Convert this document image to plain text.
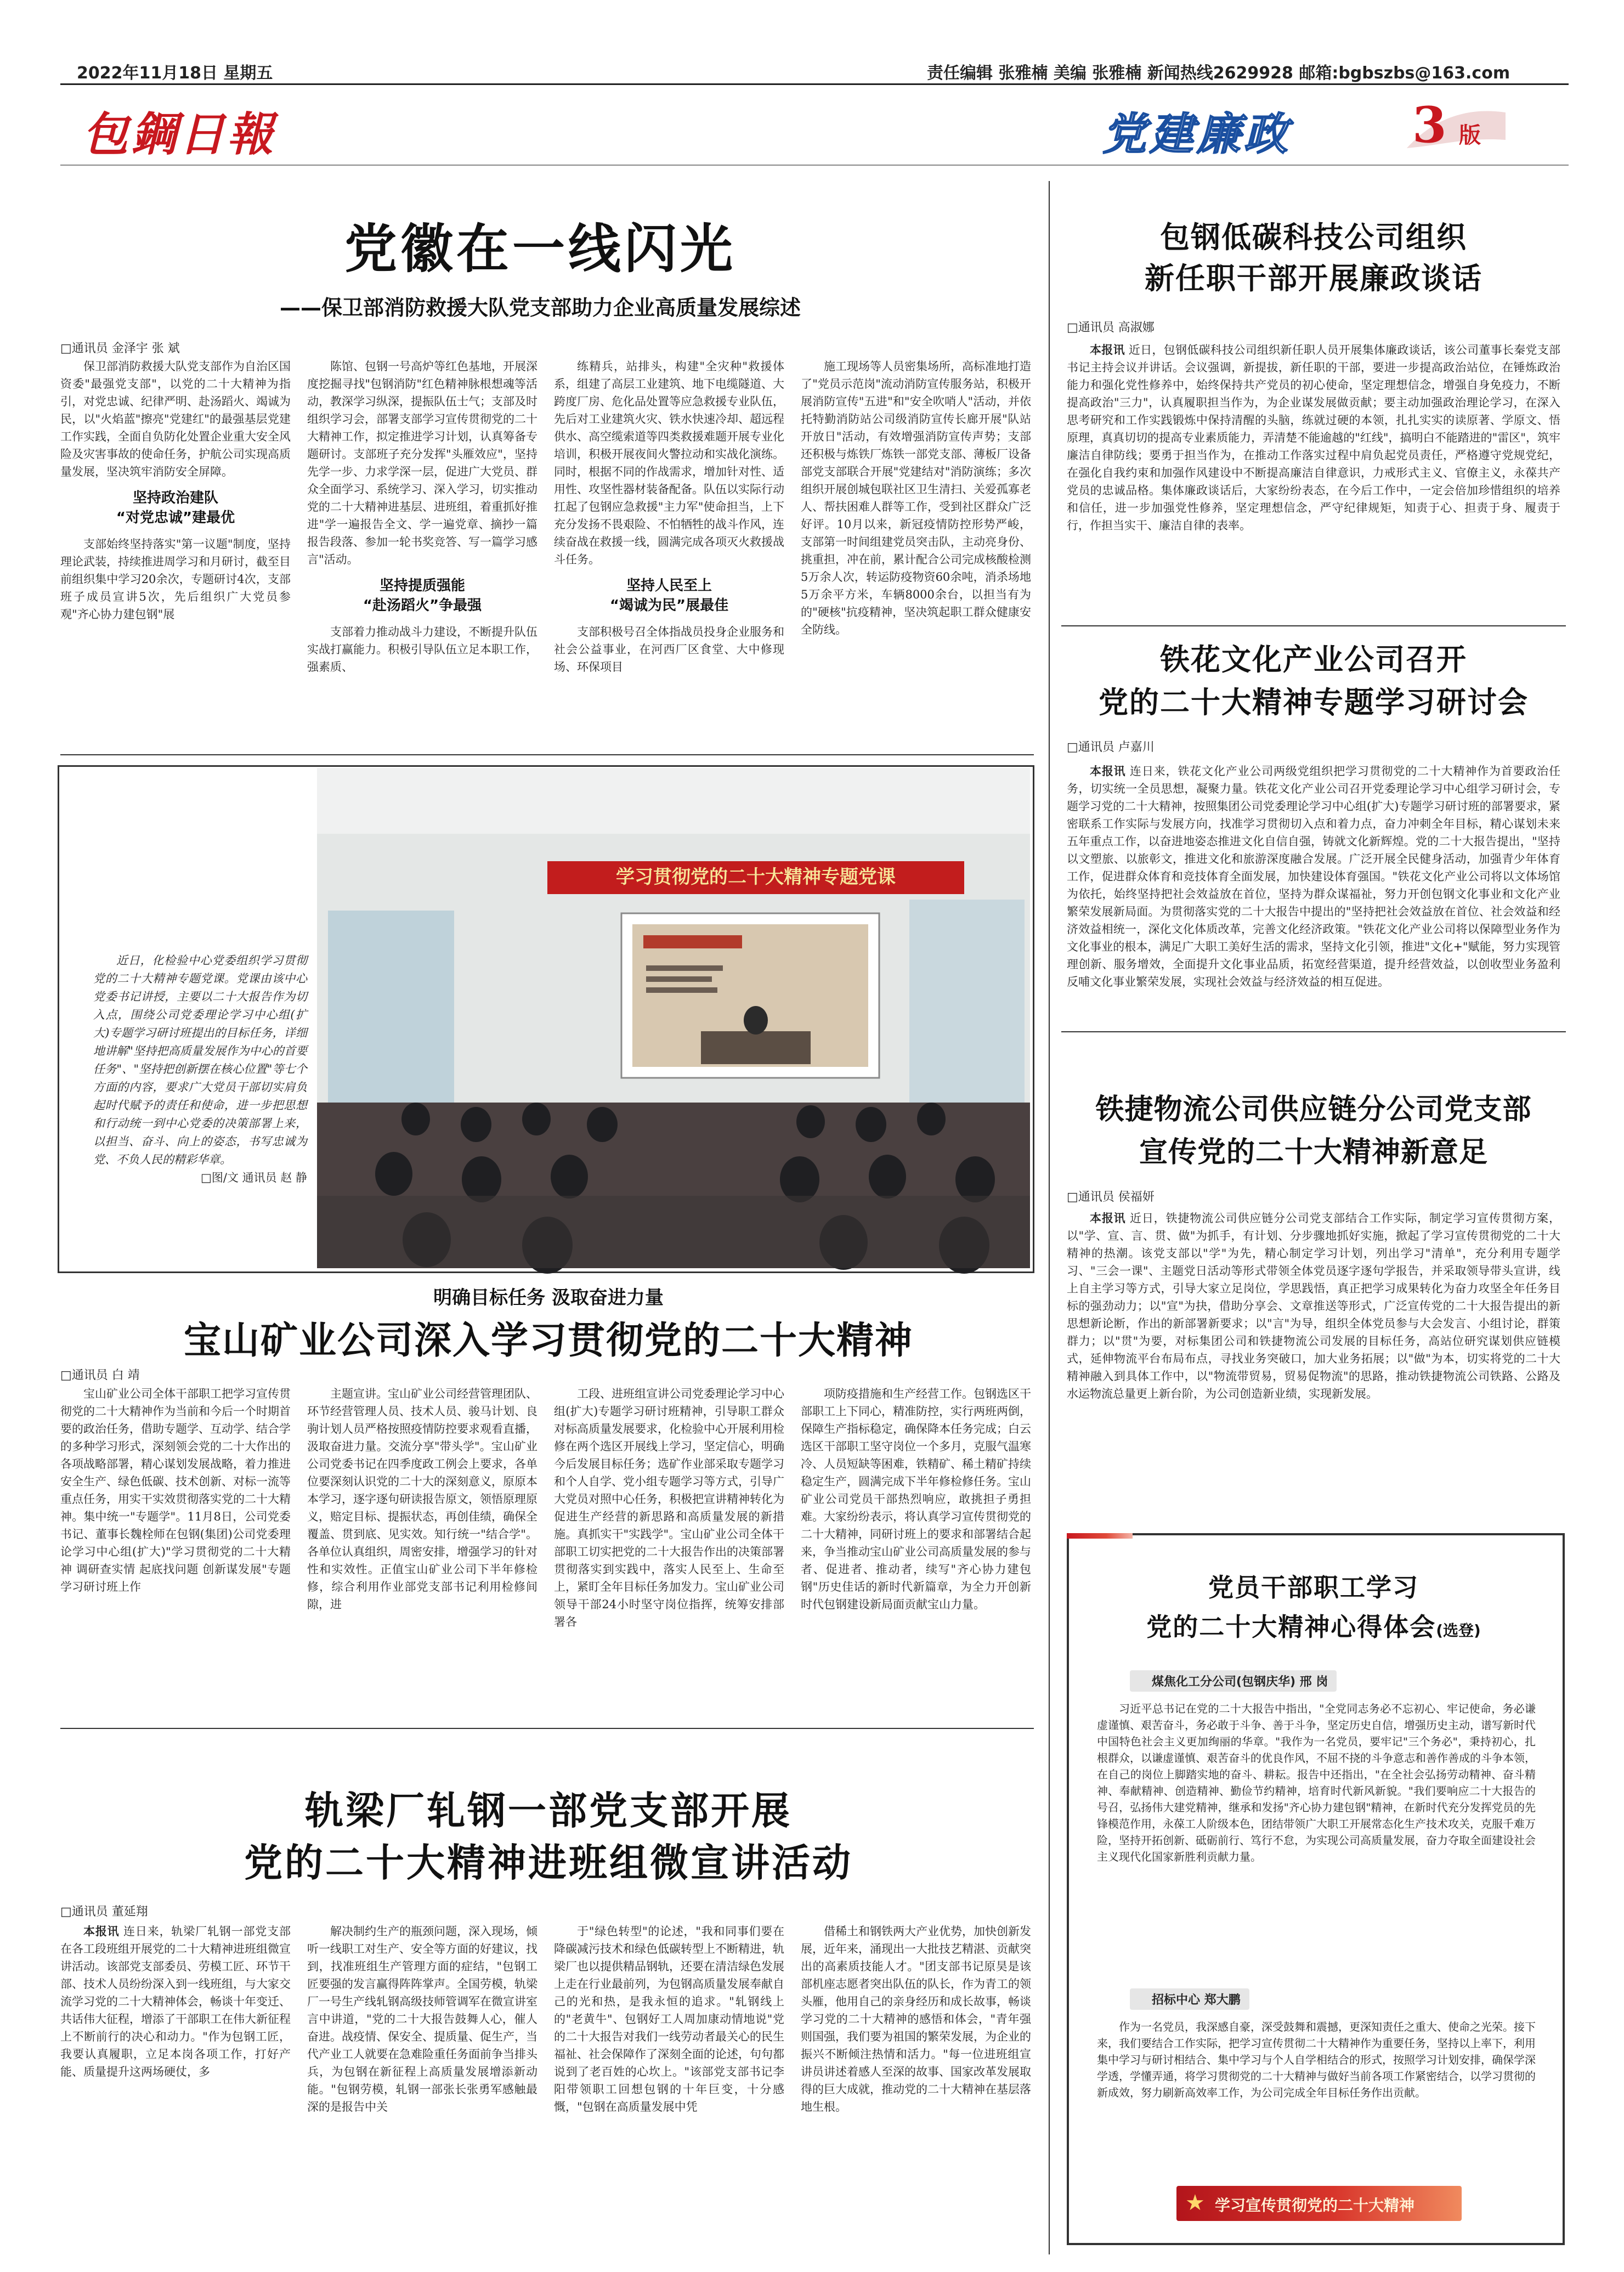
2022年11月18日 星期五	责任编辑 张雅楠 美编 张雅楠 新闻热线2629928 邮箱:bgbszbs@163.com
包鋼日報	党建廉政 3 版
党徽在一线闪光
——保卫部消防救援大队党支部助力企业高质量发展综述
□通讯员 金泽宇 张 斌

保卫部消防救援大队党支部作为自治区国资委"最强党支部"，以党的二十大精神为指引，对党忠诚、纪律严明、赴汤蹈火、竭诚为民，以"火焰蓝"擦亮"党建红"的最强基层党建工作实践，全面自负防化处置企业重大安全风险及灾害事故的使命任务，护航公司实现高质量发展，坚决筑牢消防安全屏障。

坚持政治建队
“对党忠诚”建最优

支部始终坚持落实"第一议题"制度，坚持理论武装，持续推进周学习和月研讨，截至目前组织集中学习20余次，专题研讨4次，支部班子成员宣讲5次，先后组织广大党员参观"齐心协力建包钢"展

陈馆、包钢一号高炉等红色基地，开展深度挖掘寻找"包钢消防"红色精神脉根想魂等活动，教深学习纵深，提振队伍士气；支部及时组织学习会，部署支部学习宣传贯彻党的二十大精神工作，拟定推进学习计划，认真筹备专题研讨。支部班子充分发挥"头雁效应"，坚持先学一步、力求学深一层，促进广大党员、群众全面学习、系统学习、深入学习，切实推动党的二十大精神进基层、进班组，着重抓好推进"学一遍报告全文、学一遍党章、摘抄一篇报告段落、参加一轮书奖竞答、写一篇学习感言"活动。

坚持提质强能
“赴汤蹈火”争最强

支部着力推动战斗力建设，不断提升队伍实战打赢能力。积极引导队伍立足本职工作，强素质、

练精兵，站排头，构建"全灾种"救援体系，组建了高层工业建筑、地下电缆隧道、大跨度厂房、危化品处置等应急救援专业队伍，先后对工业建筑火灾、铁水快速冷却、超远程供水、高空缆索道等四类救援难题开展专业化培训，积极开展夜间火警拉动和实战化演练。同时，根据不同的作战需求，增加针对性、适用性、攻坚性器材装备配备。队伍以实际行动扛起了包钢应急救援"主力军"使命担当，上下充分发扬不畏艰险、不怕牺牲的战斗作风，连续奋战在救援一线，圆满完成各项灭火救援战斗任务。

坚持人民至上
“竭诚为民”展最佳

支部积极号召全体指战员投身企业服务和社会公益事业，在河西厂区食堂、大中修现场、环保项目

施工现场等人员密集场所，高标准地打造了"党员示范岗"流动消防宣传服务站，积极开展消防宣传"五进"和"安全吹哨人"活动，并依托特勤消防站公司级消防宣传长廊开展"队站开放日"活动，有效增强消防宣传声势；支部还积极与炼铁厂炼铁一部党支部、薄板厂设备部党支部联合开展"党建结对"消防演练；多次组织开展创城包联社区卫生清扫、关爱孤寡老人、帮扶困难人群等工作，受到社区群众广泛好评。10月以来，新冠疫情防控形势严峻，支部第一时间组建党员突击队，主动亮身份、挑重担，冲在前，累计配合公司完成核酸检测5万余人次，转运防疫物资60余吨，消杀场地5万余平方米，车辆8000余台，以担当有为的"硬核"抗疫精神，坚决筑起职工群众健康安全防线。

近日，化检验中心党委组织学习贯彻党的二十大精神专题党课。党课由该中心党委书记讲授，主要以二十大报告作为切入点，围绕公司党委理论学习中心组(扩大)专题学习研讨班提出的目标任务，详细地讲解"坚持把高质量发展作为中心的首要任务"、"坚持把创新摆在核心位置"等七个方面的内容，要求广大党员干部切实肩负起时代赋予的责任和使命，进一步把思想和行动统一到中心党委的决策部署上来，以担当、奋斗、向上的姿态，书写忠诚为党、不负人民的精彩华章。
□图/文 通讯员 赵 静
学习贯彻党的二十大精神专题党课
明确目标任务 汲取奋进力量
宝山矿业公司深入学习贯彻党的二十大精神
□通讯员 白 靖

宝山矿业公司全体干部职工把学习宣传贯彻党的二十大精神作为当前和今后一个时期首要的政治任务，借助专题学、互动学、结合学的多种学习形式，深刻领会党的二十大作出的各项战略部署，精心谋划发展战略，着力推进安全生产、绿色低碳、技术创新、对标一流等重点任务，用实干实效贯彻落实党的二十大精神。集中统一"专题学"。11月8日，公司党委书记、董事长魏栓师在包钢(集团)公司党委理论学习中心组(扩大)"学习贯彻党的二十大精神 调研查实情 起底找问题 创新谋发展"专题学习研讨班上作

主题宣讲。宝山矿业公司经营管理团队、环节经营管理人员、技术人员、骏马计划、良驹计划人员严格按照疫情防控要求观看直播，汲取奋进力量。交流分享"带头学"。宝山矿业公司党委书记在四季度政工例会上要求，各单位要深刻认识党的二十大的深刻意义，原原本本学习，逐字逐句研读报告原文，领悟原理原义，赔定目标、提振状态，再创佳绩，确保全覆盖、贯到底、见实效。知行统一"结合学"。各单位认真组织，周密安排，增强学习的针对性和实效性。正值宝山矿业公司下半年修检修，综合利用作业部党支部书记利用检修间隙，进

工段、进班组宣讲公司党委理论学习中心组(扩大)专题学习研讨班精神，引导职工群众对标高质量发展要求，化检验中心开展利用检修在两个选区开展线上学习，坚定信心，明确今后发展目标任务；选矿作业部采取专题学习和个人自学、党小组专题学习等方式，引导广大党员对照中心任务，积极把宣讲精神转化为促进生产经营的新思路和高质量发展的新措施。真抓实干"实践学"。宝山矿业公司全体干部职工切实把党的二十大报告作出的决策部署贯彻落实到实践中，落实人民至上、生命至上，紧盯全年目标任务加发力。宝山矿业公司领导干部24小时坚守岗位指挥，统筹安排部署各

项防疫措施和生产经营工作。包钢选区干部职工上下同心，精准防控，实行两班两倒，保障生产指标稳定，确保降本任务完成；白云选区干部职工坚守岗位一个多月，克服气温寒冷、人员短缺等困难，铁精矿、稀土精矿持续稳定生产，圆满完成下半年修检修任务。宝山矿业公司党员干部热烈响应，敢挑担子勇担难。大家纷纷表示，将认真学习宣传贯彻党的二十大精神，同研讨班上的要求和部署结合起来，争当推动宝山矿业公司高质量发展的参与者、促进者、推动者，续写"齐心协力建包钢"历史佳话的新时代新篇章，为全力开创新时代包钢建设新局面贡献宝山力量。

轨梁厂轧钢一部党支部开展
党的二十大精神进班组微宣讲活动
□通讯员 董延翔

本报讯 连日来，轨梁厂轧钢一部党支部在各工段班组开展党的二十大精神进班组微宣讲活动。该部党支部委员、劳模工匠、环节干部、技术人员纷纷深入到一线班组，与大家交流学习党的二十大精神体会，畅谈十年变迁、共话伟大征程，增添了干部职工在伟大新征程上不断前行的决心和动力。"作为包钢工匠，我要认真履职，立足本岗各项工作，打好产能、质量提升这两场硬仗，多

解决制约生产的瓶颈问题，深入现场，倾听一线职工对生产、安全等方面的好建议，找到，找准班组生产管理方面的症结，"包钢工匠要强的发言赢得阵阵掌声。全国劳模，轨梁厂一号生产线轧钢高级技师管调军在微宣讲室言中讲道，"党的二十大报告鼓舞人心，催人奋进。战疫情、保安全、提质量、促生产，当代产业工人就要在急难险重任务面前争当排头兵，为包钢在新征程上高质量发展增添新动能。"包钢劳模，轧钢一部张长张勇军感触最深的是报告中关

于"绿色转型"的论述，"我和同事们要在降碳减污技术和绿色低碳转型上不断精进，轨梁厂也以提供精品钢轨，还要在清洁绿色发展上走在行业最前列，为包钢高质量发展奉献自己的光和热，是我永恒的追求。"轧钢线上的"老黄牛"、包钢好工人周加康动情地说"党的二十大报告对我们一线劳动者最关心的民生福祉、社会保障作了深刻全面的论述，句句都说到了老百姓的心坎上。"该部党支部书记李阳带领职工回想包钢的十年巨变，十分感慨，"包钢在高质量发展中凭

借稀土和钢铁两大产业优势，加快创新发展，近年来，涌现出一大批技艺精湛、贡献突出的高素质技能人才。"团支部书记原昊是该部机座志愿者突出队伍的队长，作为青工的领头雁，他用自己的亲身经历和成长故事，畅谈学习党的二十大精神的感悟和体会，"青年强则国强，我们要为祖国的繁荣发展，为企业的振兴不断倾注热情和活力。"每一位进班组宣讲员讲述着感人至深的故事、国家改革发展取得的巨大成就，推动党的二十大精神在基层落地生根。

包钢低碳科技公司组织
新任职干部开展廉政谈话
□通讯员 高淑娜

本报讯 近日，包钢低碳科技公司组织新任职人员开展集体廉政谈话，该公司董事长秦党支部书记主持会议并讲话。会议强调，新提拔，新任职的干部，要进一步提高政治站位，在锤炼政治能力和强化党性修养中，始终保持共产党员的初心使命，坚定理想信念，增强自身免疫力，不断提高政治"三力"，认真履职担当作为，为企业谋发展做贡献；要主动加强政治理论学习，在深入思考研究和工作实践锻炼中保持清醒的头脑，练就过硬的本领，扎扎实实的读原著、学原文、悟原理，真真切切的提高专业素质能力，弄清楚不能逾越的"红线"，搞明白不能踏进的"雷区"，筑牢廉洁自律防线；要勇于担当作为，在推动工作落实过程中肩负起党员责任，严格遵守党规党纪，在强化自我约束和加强作风建设中不断提高廉洁自律意识，力戒形式主义、官僚主义，永葆共产党员的忠诚品格。集体廉政谈话后，大家纷纷表态，在今后工作中，一定会倍加珍惜组织的培养和信任，进一步加强党性修养，坚定理想信念，严守纪律规矩，知责于心、担责于身、履责于行，作担当实干、廉洁自律的表率。

铁花文化产业公司召开
党的二十大精神专题学习研讨会
□通讯员 卢嘉川

本报讯 连日来，铁花文化产业公司两级党组织把学习贯彻党的二十大精神作为首要政治任务，切实统一全员思想，凝聚力量。铁花文化产业公司召开党委理论学习中心组学习研讨会，专题学习党的二十大精神，按照集团公司党委理论学习中心组(扩大)专题学习研讨班的部署要求，紧密联系工作实际与发展方向，找准学习贯彻切入点和着力点，奋力冲刺全年目标，精心谋划未来五年重点工作，以奋进地姿态推进文化自信自强，铸就文化新辉煌。党的二十大报告提出，"坚持以文塑旅、以旅彰文，推进文化和旅游深度融合发展。广泛开展全民健身活动，加强青少年体育工作，促进群众体育和竞技体育全面发展，加快建设体育强国。"铁花文化产业公司将以文体场馆为依托，始终坚持把社会效益放在首位，坚持为群众谋福祉，努力开创包钢文化事业和文化产业繁荣发展新局面。为贯彻落实党的二十大报告中提出的"坚持把社会效益放在首位、社会效益和经济效益相统一，深化文化体质改革，完善文化经济政策。"铁花文化产业公司将以保障型业务作为文化事业的根本，满足广大职工美好生活的需求，坚持文化引领，推进"文化+"赋能，努力实现管理创新、服务增效，全面提升文化事业品质，拓宽经营渠道，提升经营效益，以创收型业务盈利反哺文化事业繁荣发展，实现社会效益与经济效益的相互促进。

铁捷物流公司供应链分公司党支部
宣传党的二十大精神新意足
□通讯员 侯福妍

本报讯 近日，铁捷物流公司供应链分公司党支部结合工作实际，制定学习宣传贯彻方案，以"学、宣、言、贯、做"为抓手，有计划、分步骤地抓好实施，掀起了学习宣传贯彻党的二十大精神的热潮。该党支部以"学"为先，精心制定学习计划，列出学习"清单"，充分利用专题学习、"三会一课"、主题党日活动等形式带领全体党员逐字逐句学报告，并采取领导带头宣讲，线上自主学习等方式，引导大家立足岗位，学思践悟，真正把学习成果转化为奋力攻坚全年任务目标的强劲动力；以"宣"为抉，借助分享会、文章推送等形式，广泛宣传党的二十大报告提出的新思想新论断，作出的新部署新要求；以"言"为导，组织全体党员参与大会发言、小组讨论，群策群力；以"贯"为要，对标集团公司和铁捷物流公司发展的目标任务，高站位研究谋划供应链模式，延伸物流平台布局布点，寻找业务突破口，加大业务拓展；以"做"为本，切实将党的二十大精神融入到具体工作中，以"物流带贸易，贸易促物流"的思路，推动铁捷物流公司铁路、公路及水运物流总量更上新台阶，为公司创造新业绩，实现新发展。

党员干部职工学习
党的二十大精神心得体会(选登)
煤焦化工分公司(包钢庆华) 邢 岗

习近平总书记在党的二十大报告中指出，"全党同志务必不忘初心、牢记使命，务必谦虚谨慎、艰苦奋斗，务必敢于斗争、善于斗争，坚定历史自信，增强历史主动，谱写新时代中国特色社会主义更加绚丽的华章。"我作为一名党员，要牢记"三个务必"，秉持初心，扎根群众，以谦虚谨慎、艰苦奋斗的优良作风，不屈不挠的斗争意志和善作善成的斗争本领，在自己的岗位上脚踏实地的奋斗、耕耘。报告中还指出，"在全社会弘扬劳动精神、奋斗精神、奉献精神、创造精神、勤俭节约精神，培育时代新风新貌。"我们要响应二十大报告的号召，弘扬伟大建党精神，继承和发扬"齐心协力建包钢"精神，在新时代充分发挥党员的先锋模范作用，永葆工人阶级本色，团结带领广大职工开展常态化生产技术攻关，克服千难万险，坚持开拓创新、砥砺前行、笃行不怠，为实现公司高质量发展，奋力夺取全面建设社会主义现代化国家新胜利贡献力量。

招标中心 郑大鹏

作为一名党员，我深感自豪，深受鼓舞和震撼，更深知责任之重大、使命之光荣。接下来，我们要结合工作实际，把学习宣传贯彻二十大精神作为重要任务，坚持以上率下，利用集中学习与研讨相结合、集中学习与个人自学相结合的形式，按照学习计划安排，确保学深学透，学懂弄通，将学习贯彻党的二十大精神与做好当前各项工作紧密结合，以学习贯彻的新成效，努力刷新高效率工作，为公司完成全年目标任务作出贡献。

★ 学习宣传贯彻党的二十大精神
